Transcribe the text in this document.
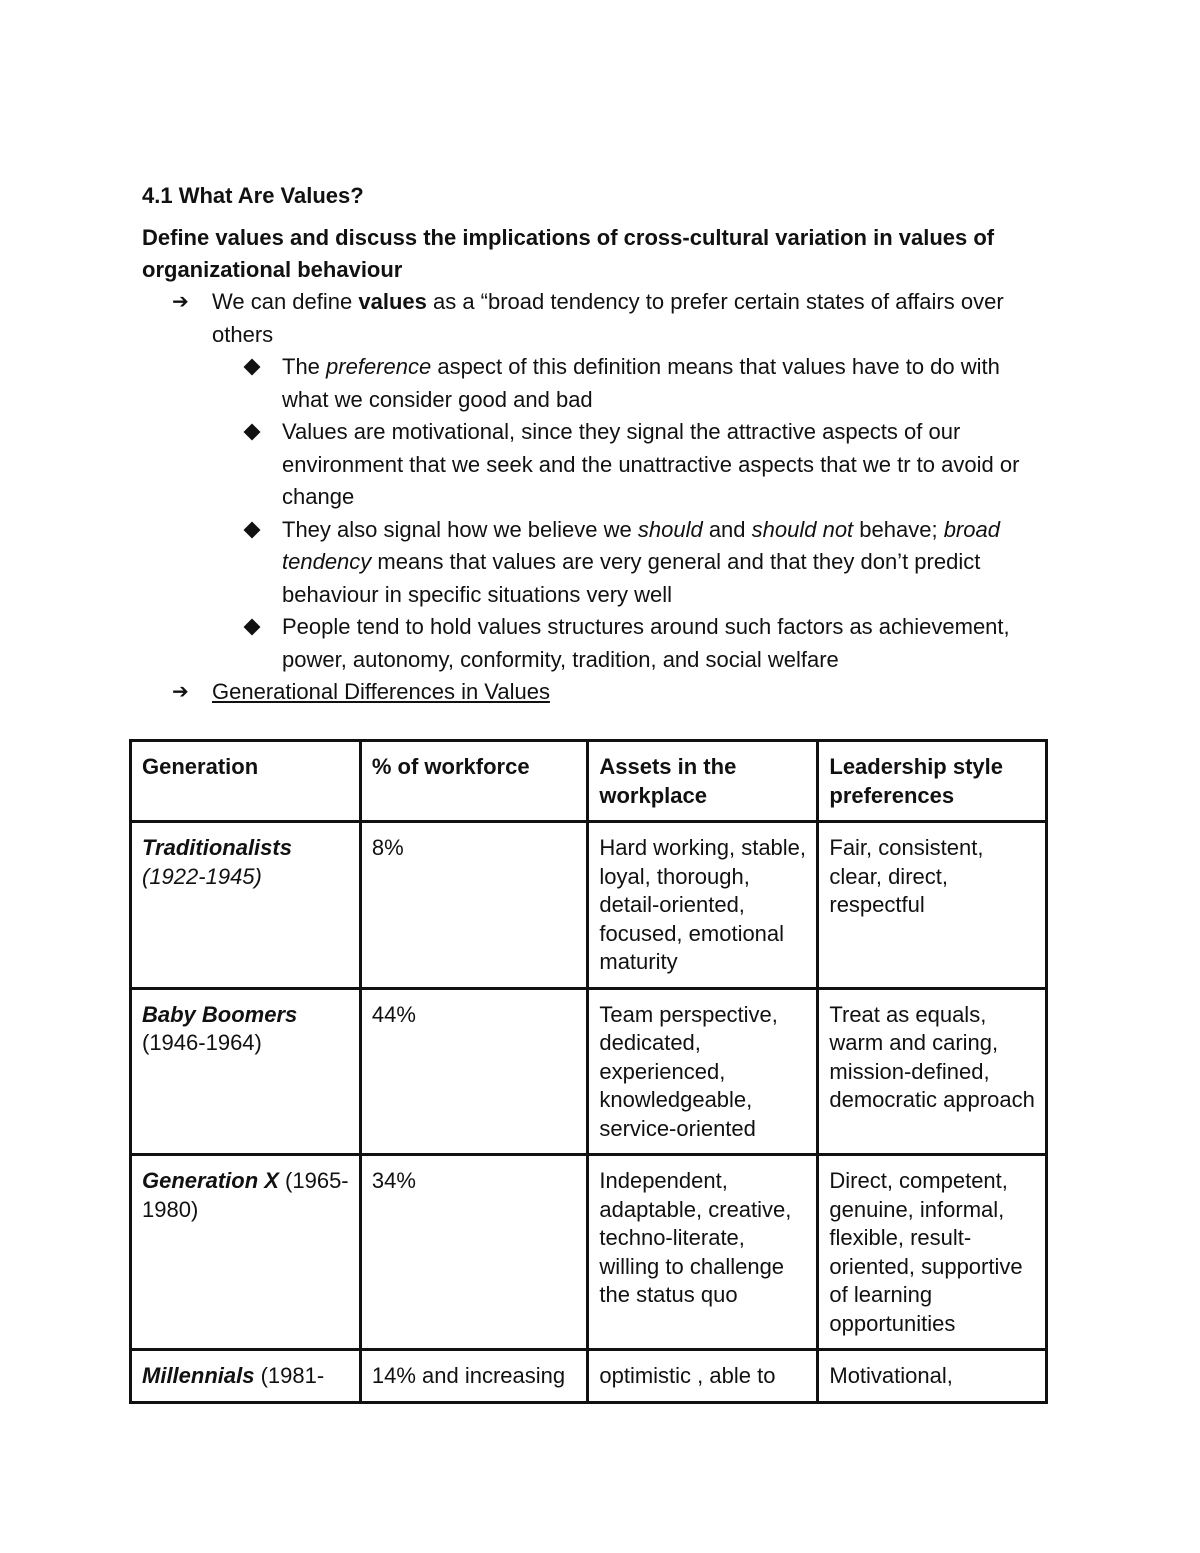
4.1 What Are Values?

Define values and discuss the implications of cross-cultural variation in values of organizational behaviour

➔ We can define values as a “broad tendency to prefer certain states of affairs over others
The preference aspect of this definition means that values have to do with what we consider good and bad
Values are motivational, since they signal the attractive aspects of our environment that we seek and the unattractive aspects that we tr to avoid or change
They also signal how we believe we should and should not behave; broad tendency means that values are very general and that they don’t predict behaviour in specific situations very well
People tend to hold values structures around such factors as achievement, power, autonomy, conformity, tradition, and social welfare
➔ Generational Differences in Values
Generation	% of workforce	Assets in the workplace	Leadership style preferences
Traditionalists
(1922-1945)	8%	Hard working, stable, loyal, thorough, detail-oriented, focused, emotional maturity	Fair, consistent, clear, direct, respectful
Baby Boomers
(1946-1964)	44%	Team perspective, dedicated, experienced, knowledgeable, service-oriented	Treat as equals, warm and caring, mission-defined, democratic approach
Generation X (1965-1980)	34%	Independent, adaptable, creative, techno-literate, willing to challenge the status quo	Direct, competent, genuine, informal, flexible, result-oriented, supportive of learning opportunities
Millennials (1981-	14% and increasing	optimistic , able to	Motivational,
